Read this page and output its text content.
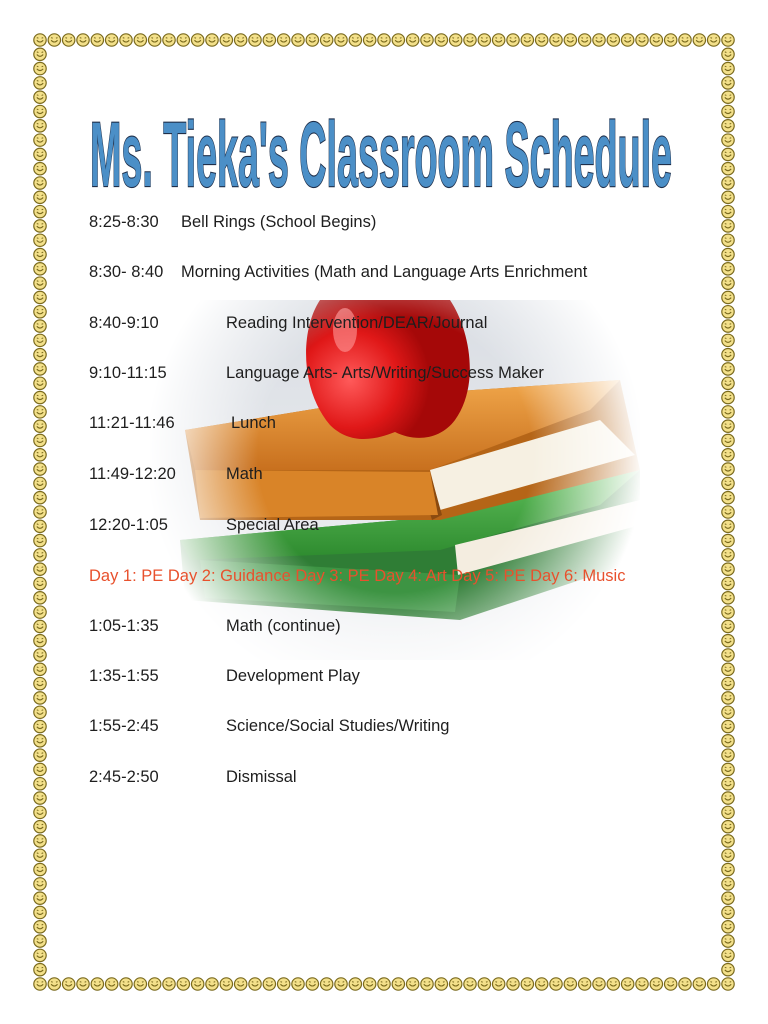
Ms. Tieka's Classroom Schedule
8:25-8:30 Bell Rings (School Begins)
8:30- 8:40 Morning Activities (Math and Language Arts Enrichment
8:40-9:10	Reading Intervention/DEAR/Journal
9:10-11:15	Language Arts- Arts/Writing/Success Maker
11:21-11:46	Lunch
11:49-12:20	Math
12:20-1:05	Special Area
Day 1: PE Day 2: Guidance Day 3: PE Day 4: Art Day 5: PE Day 6: Music
1:05-1:35	Math (continue)
1:35-1:55	Development Play
1:55-2:45	Science/Social Studies/Writing
2:45-2:50	Dismissal
